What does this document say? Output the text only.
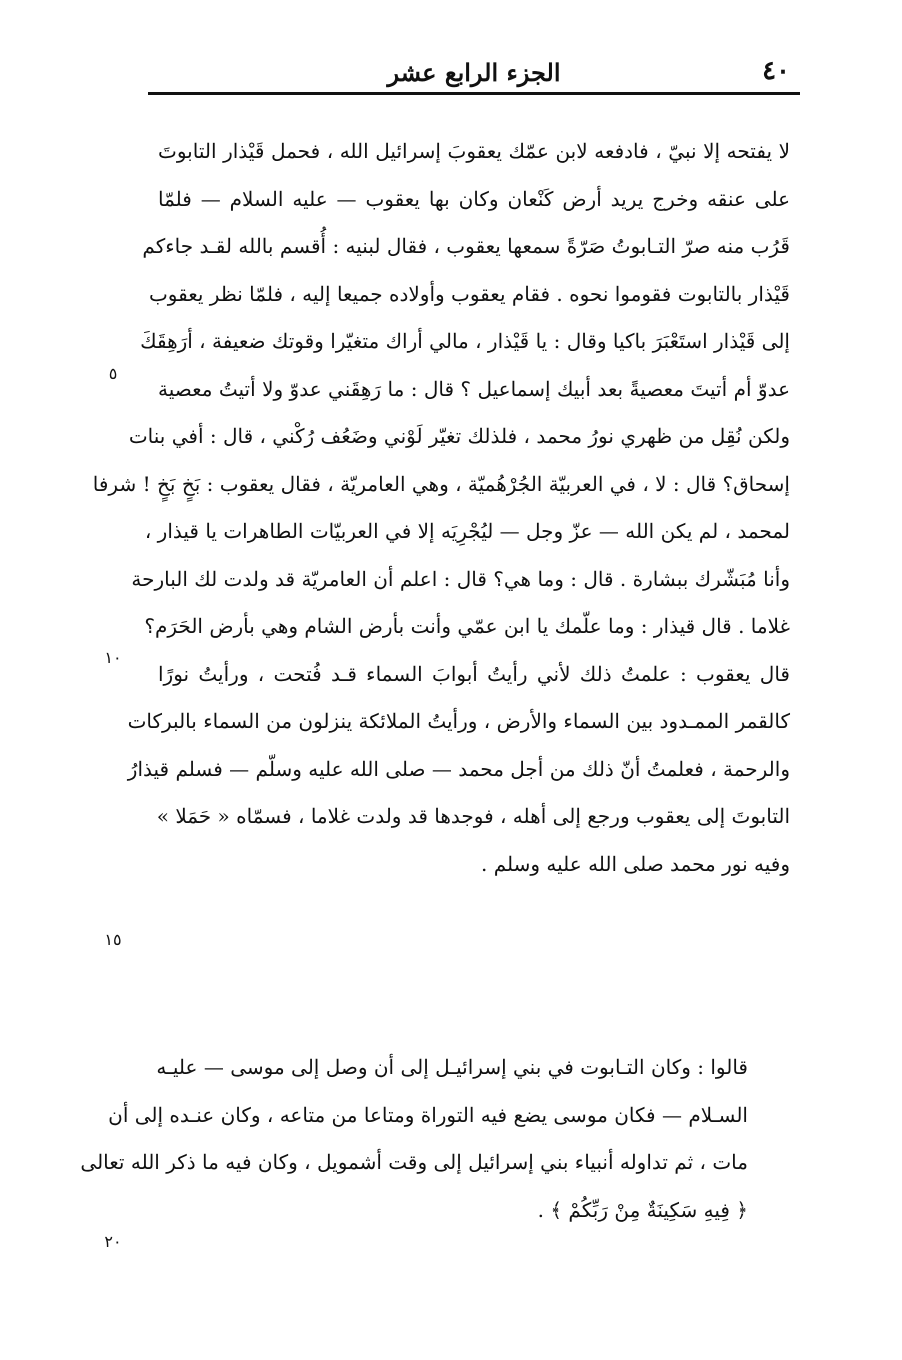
الجزء الرابع عشر	٤٠
لا يفتحه إلا نبيّ ، فادفعه لابن عمّك يعقوبَ إسرائيل الله ، فحمل قَيْذار التابوتَ
على عنقه وخرج يريد أرض كَنْعان وكان بها يعقوب — عليه السلام — فلمّا
قَرُب منه صرّ التـابوتُ صَرّةً سمعها يعقوب ، فقال لبنيه : أُقسم بالله لقـد جاءكم
قَيْذار بالتابوت فقوموا نحوه . فقام يعقوب وأولاده جميعا إليه ، فلمّا نظر يعقوب
إلى قَيْذار استَعْبَرَ باكيا وقال : يا قَيْذار ، مالي أراك متغيّرا وقوتك ضعيفة ، أرَهِقَكَ
عدوّ أم أتيتَ معصيةً بعد أبيك إسماعيل ؟ قال : ما رَهِقَني عدوّ ولا أتيتُ معصية
ولكن نُقِل من ظهري نورُ محمد ، فلذلك تغيّر لَوْني وضَعُف رُكْني ، قال : أفي بنات
إسحاق؟ قال : لا ، في العربيّة الجُرْهُميّة ، وهي العامريّة ، فقال يعقوب : بَخٍ بَخٍ ! شرفا
لمحمد ، لم يكن الله — عزّ وجل — ليُجْرِيَه إلا في العربيّات الطاهرات يا قيذار ،
وأنا مُبَشّرك ببشارة . قال : وما هي؟ قال : اعلم أن العامريّة قد ولدت لك البارحة
غلاما . قال قيذار : وما علّمك يا ابن عمّي وأنت بأرض الشام وهي بأرض الحَرَم؟
قال يعقوب : علمتُ ذلك لأني رأيتُ أبوابَ السماء قـد فُتحت ، ورأيتُ نورًا
كالقمر الممـدود بين السماء والأرض ، ورأيتُ الملائكة ينزلون من السماء بالبركات
والرحمة ، فعلمتُ أنّ ذلك من أجل محمد — صلى الله عليه وسلّم — فسلم قيذارُ
التابوتَ إلى يعقوب ورجع إلى أهله ، فوجدها قد ولدت غلاما ، فسمّاه « حَمَلا »
وفيه نور محمد صلى الله عليه وسلم .
قالوا : وكان التـابوت في بني إسرائيـل إلى أن وصل إلى موسى — عليـه
السـلام — فكان موسى يضع فيه التوراة ومتاعا من متاعه ، وكان عنـده إلى أن
مات ، ثم تداوله أنبياء بني إسرائيل إلى وقت أشمويل ، وكان فيه ما ذكر الله تعالى
﴿ فِيهِ سَكِينَةٌ مِنْ رَبِّكُمْ ﴾ .
٥
١٠
١٥
٢٠
